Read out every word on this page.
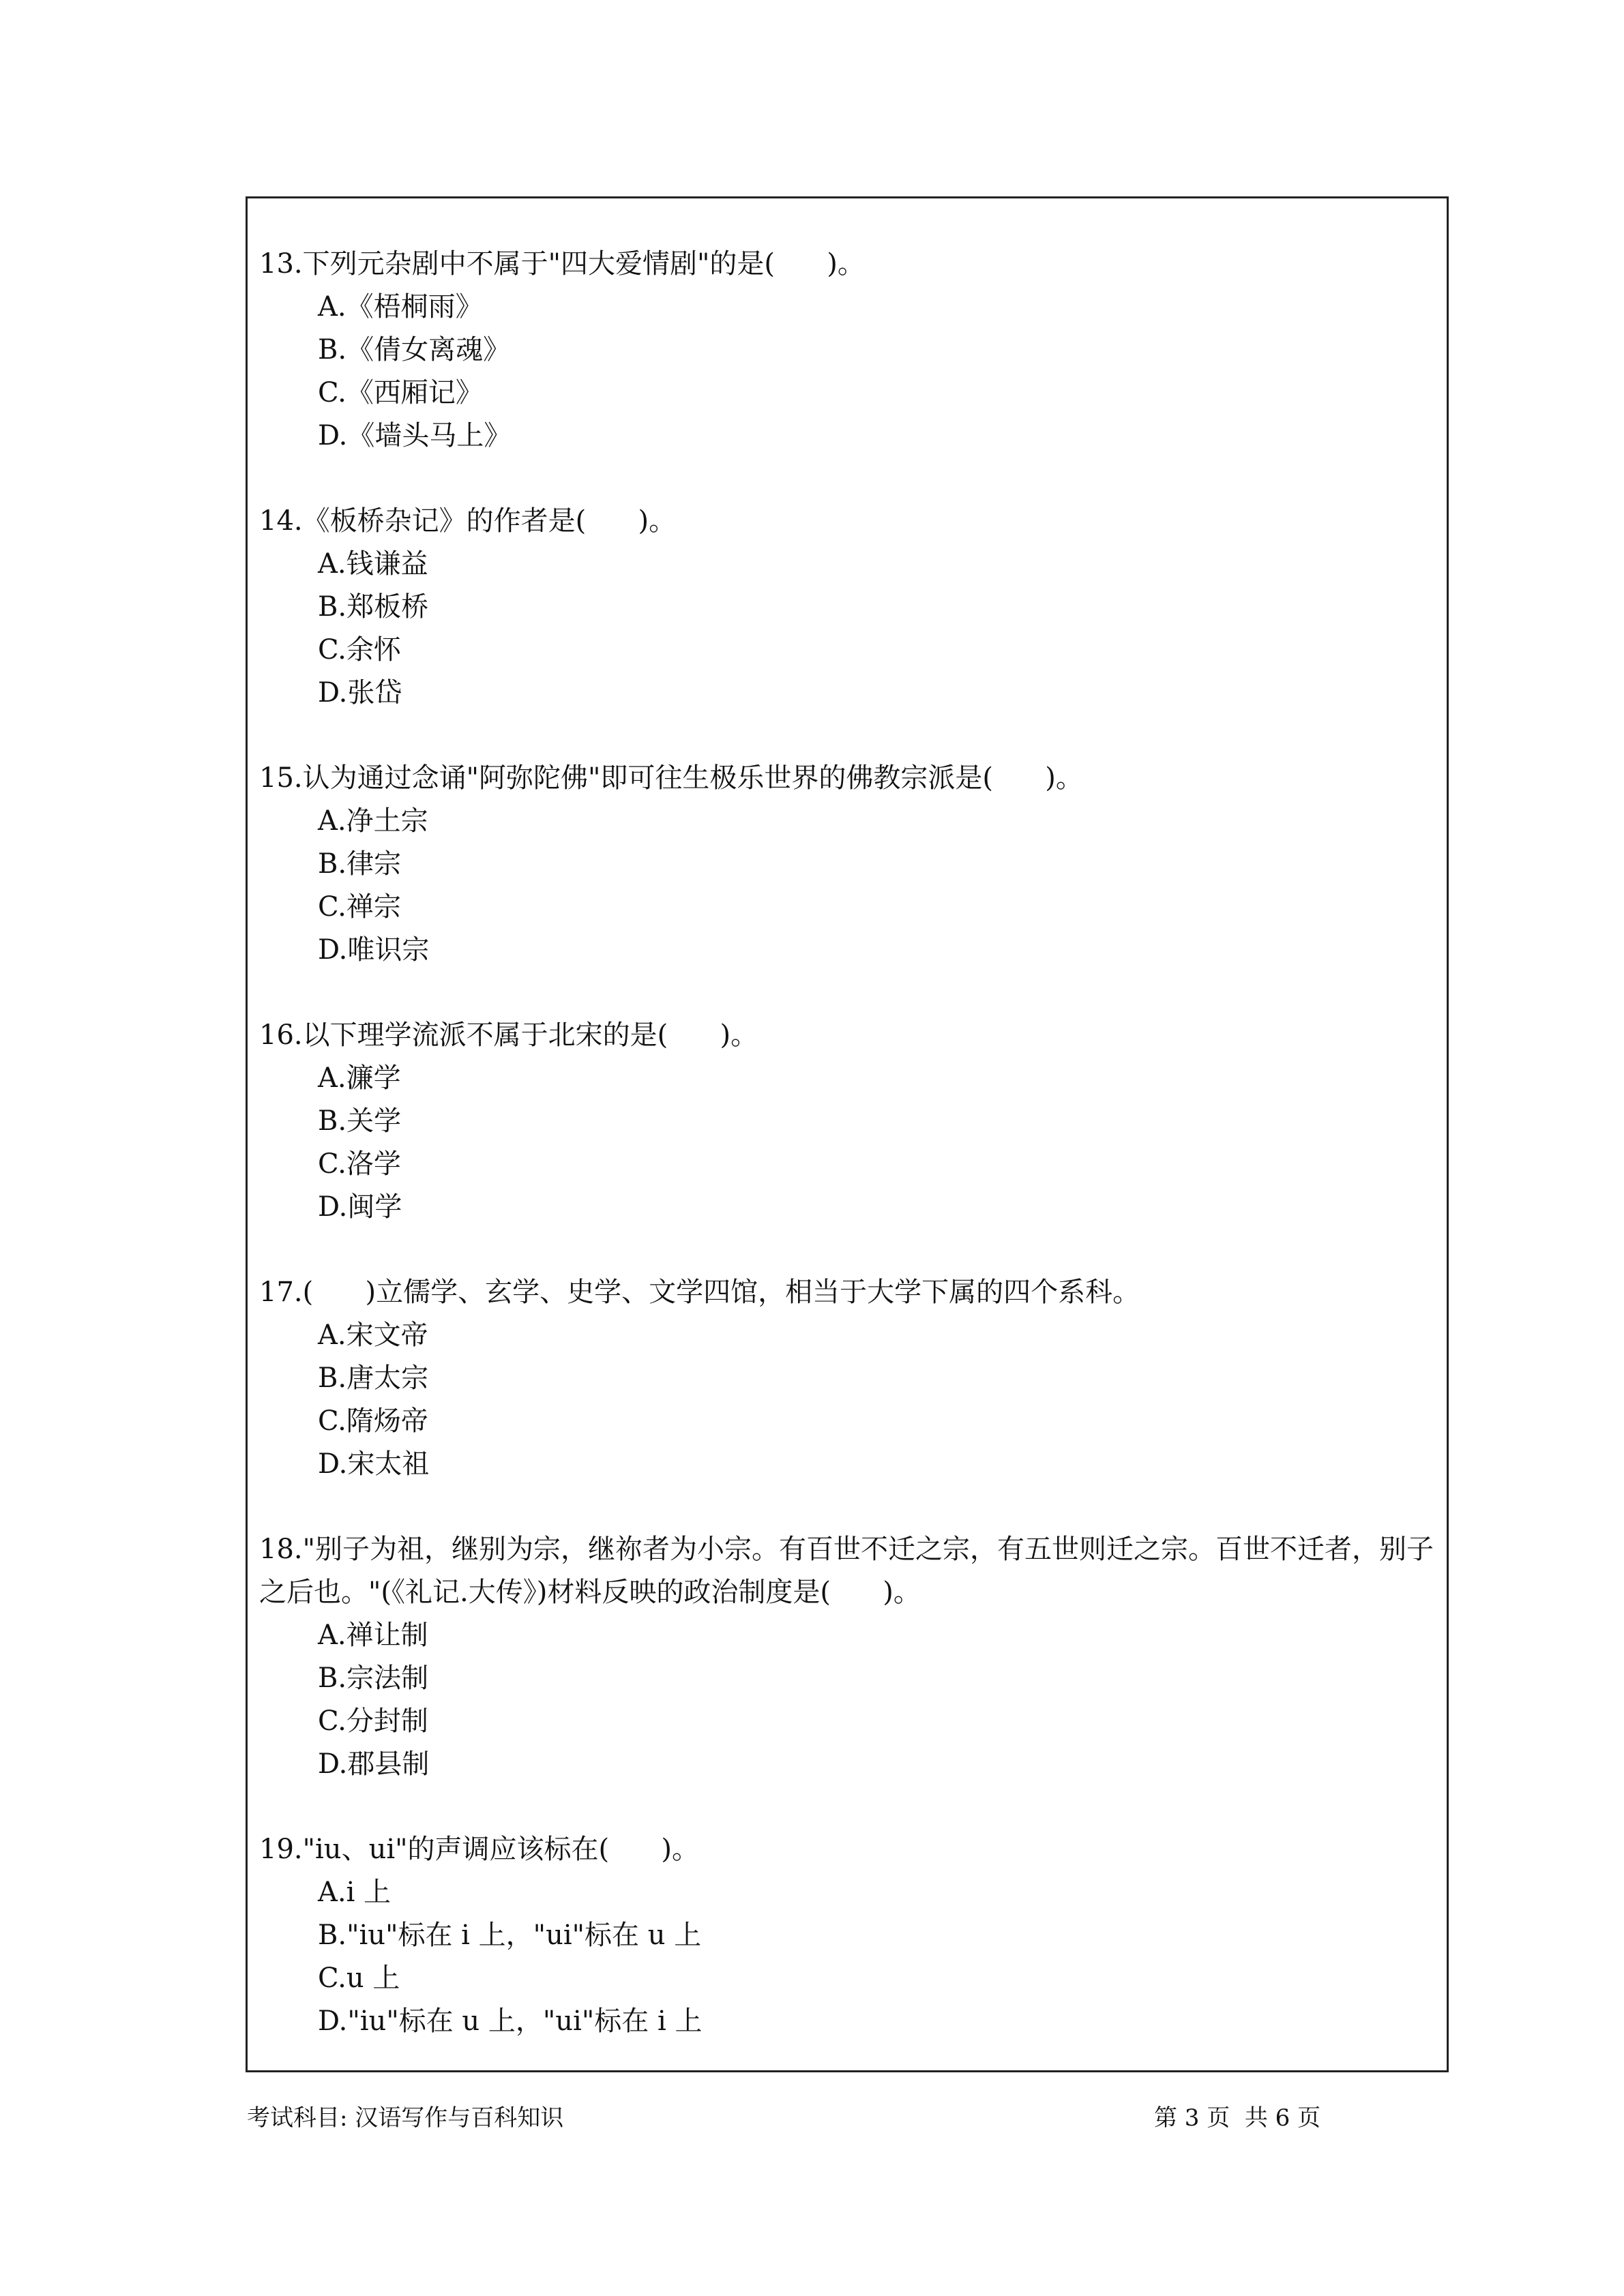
13.下列元杂剧中不属于"四大爱情剧"的是(      )。
A.《梧桐雨》
B.《倩女离魂》
C.《西厢记》
D.《墙头马上》
14.《板桥杂记》的作者是(      )。
A.钱谦益
B.郑板桥
C.余怀
D.张岱
15.认为通过念诵"阿弥陀佛"即可往生极乐世界的佛教宗派是(      )。
A.净土宗
B.律宗
C.禅宗
D.唯识宗
16.以下理学流派不属于北宋的是(      )。
A.濂学
B.关学
C.洛学
D.闽学
17.(      )立儒学、玄学、史学、文学四馆，相当于大学下属的四个系科。
A.宋文帝
B.唐太宗
C.隋炀帝
D.宋太祖
18."别子为祖，继别为宗，继祢者为小宗。有百世不迁之宗，有五世则迁之宗。百世不迁者，别子之后也。"(《礼记.大传》)材料反映的政治制度是(      )。
A.禅让制
B.宗法制
C.分封制
D.郡县制
19."iu、ui"的声调应该标在(      )。
A.i 上
B."iu"标在 i 上，"ui"标在 u 上
C.u 上
D."iu"标在 u 上，"ui"标在 i 上
考试科目: 汉语写作与百科知识	第 3 页  共 6 页
